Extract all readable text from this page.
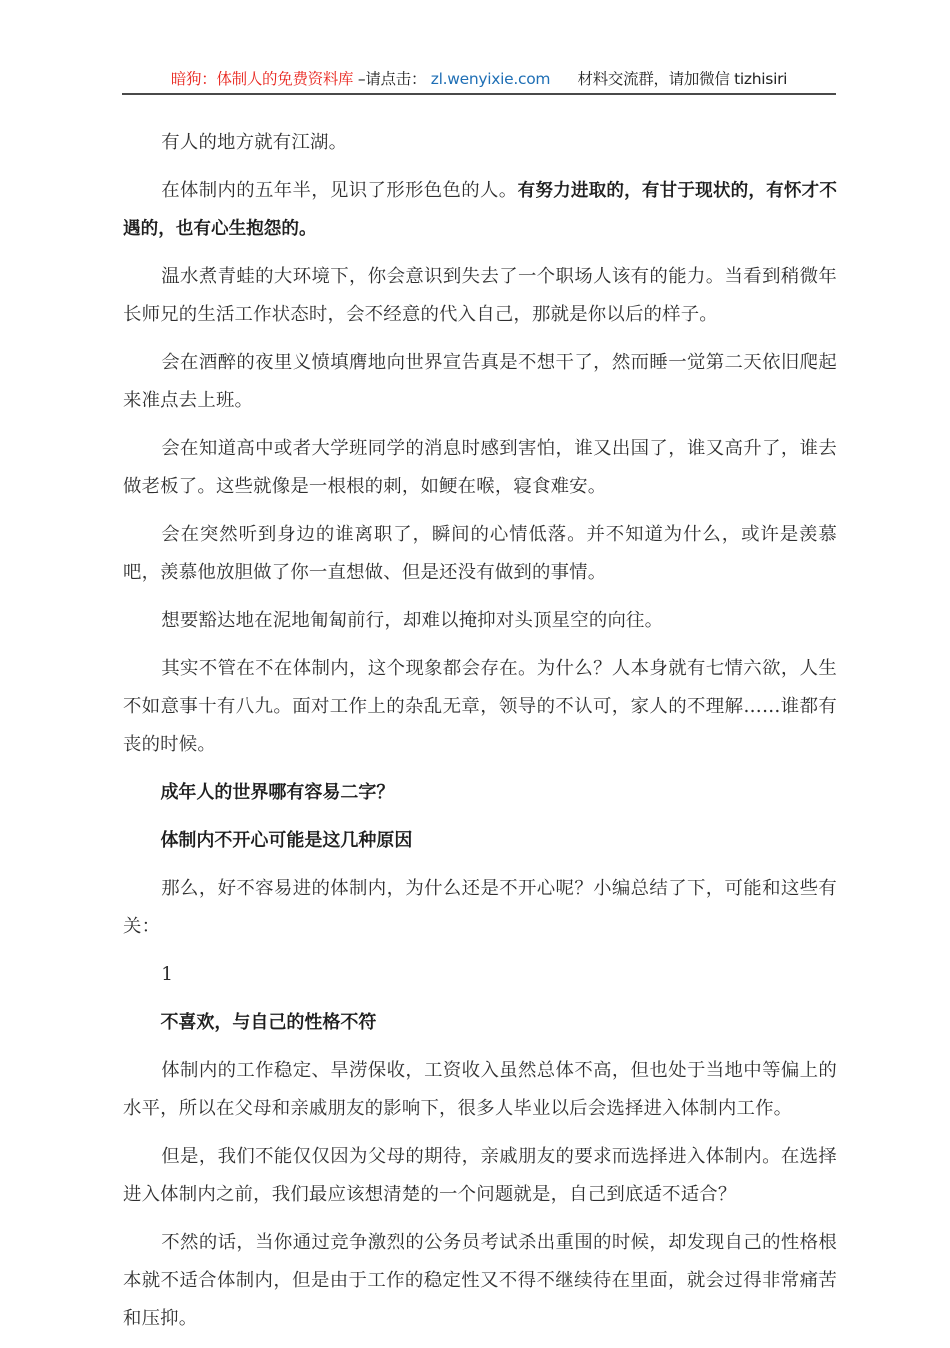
暗狗：体制人的免费资料库 –请点击： zl.wenyixie.com 材料交流群，请加微信 tizhisiri

有人的地方就有江湖。

在体制内的五年半，见识了形形色色的人。有努力进取的，有甘于现状的，有怀才不遇的，也有心生抱怨的。

温水煮青蛙的大环境下，你会意识到失去了一个职场人该有的能力。当看到稍微年长师兄的生活工作状态时，会不经意的代入自己，那就是你以后的样子。

会在酒醉的夜里义愤填膺地向世界宣告真是不想干了，然而睡一觉第二天依旧爬起来准点去上班。

会在知道高中或者大学班同学的消息时感到害怕，谁又出国了，谁又高升了，谁去做老板了。这些就像是一根根的刺，如鲠在喉，寝食难安。

会在突然听到身边的谁离职了，瞬间的心情低落。并不知道为什么，或许是羡慕吧，羡慕他放胆做了你一直想做、但是还没有做到的事情。

想要豁达地在泥地匍匐前行，却难以掩抑对头顶星空的向往。

其实不管在不在体制内，这个现象都会存在。为什么？人本身就有七情六欲，人生不如意事十有八九。面对工作上的杂乱无章，领导的不认可，家人的不理解……谁都有丧的时候。

成年人的世界哪有容易二字？

体制内不开心可能是这几种原因

那么，好不容易进的体制内，为什么还是不开心呢？小编总结了下，可能和这些有关：

1

不喜欢，与自己的性格不符

体制内的工作稳定、旱涝保收，工资收入虽然总体不高，但也处于当地中等偏上的水平，所以在父母和亲戚朋友的影响下，很多人毕业以后会选择进入体制内工作。

但是，我们不能仅仅因为父母的期待，亲戚朋友的要求而选择进入体制内。在选择进入体制内之前，我们最应该想清楚的一个问题就是，自己到底适不适合？

不然的话，当你通过竞争激烈的公务员考试杀出重围的时候，却发现自己的性格根本就不适合体制内，但是由于工作的稳定性又不得不继续待在里面，就会过得非常痛苦和压抑。
